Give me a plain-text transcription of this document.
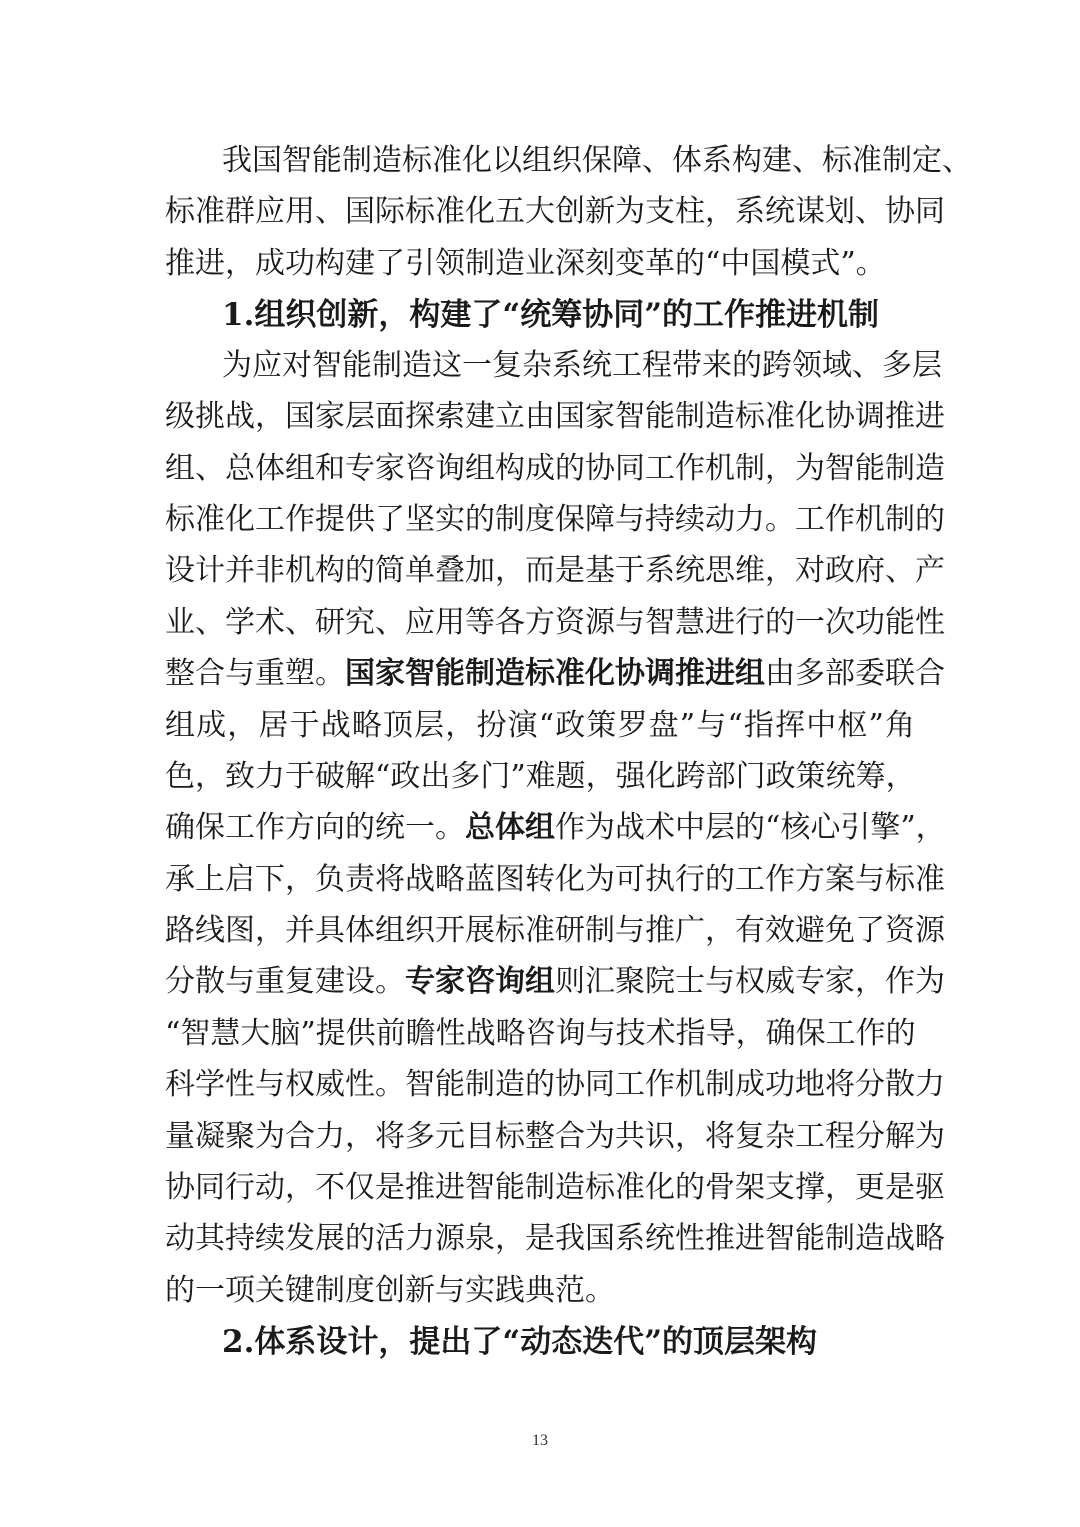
我国智能制造标准化以组织保障、体系构建、标准制定、
标准群应用、国际标准化五大创新为支柱，系统谋划、协同
推进，成功构建了引领制造业深刻变革的“中国模式”。
1.组织创新，构建了“统筹协同”的工作推进机制
为应对智能制造这一复杂系统工程带来的跨领域、多层
级挑战，国家层面探索建立由国家智能制造标准化协调推进
组、总体组和专家咨询组构成的协同工作机制，为智能制造
标准化工作提供了坚实的制度保障与持续动力。工作机制的
设计并非机构的简单叠加，而是基于系统思维，对政府、产
业、学术、研究、应用等各方资源与智慧进行的一次功能性
整合与重塑。国家智能制造标准化协调推进组由多部委联合
组成，居于战略顶层，扮演“政策罗盘”与“指挥中枢”角
色，致力于破解“政出多门”难题，强化跨部门政策统筹，
确保工作方向的统一。总体组作为战术中层的“核心引擎”，
承上启下，负责将战略蓝图转化为可执行的工作方案与标准
路线图，并具体组织开展标准研制与推广，有效避免了资源
分散与重复建设。专家咨询组则汇聚院士与权威专家，作为
“智慧大脑”提供前瞻性战略咨询与技术指导，确保工作的
科学性与权威性。智能制造的协同工作机制成功地将分散力
量凝聚为合力，将多元目标整合为共识，将复杂工程分解为
协同行动，不仅是推进智能制造标准化的骨架支撑，更是驱
动其持续发展的活力源泉，是我国系统性推进智能制造战略
的一项关键制度创新与实践典范。
2.体系设计，提出了“动态迭代”的顶层架构
13
